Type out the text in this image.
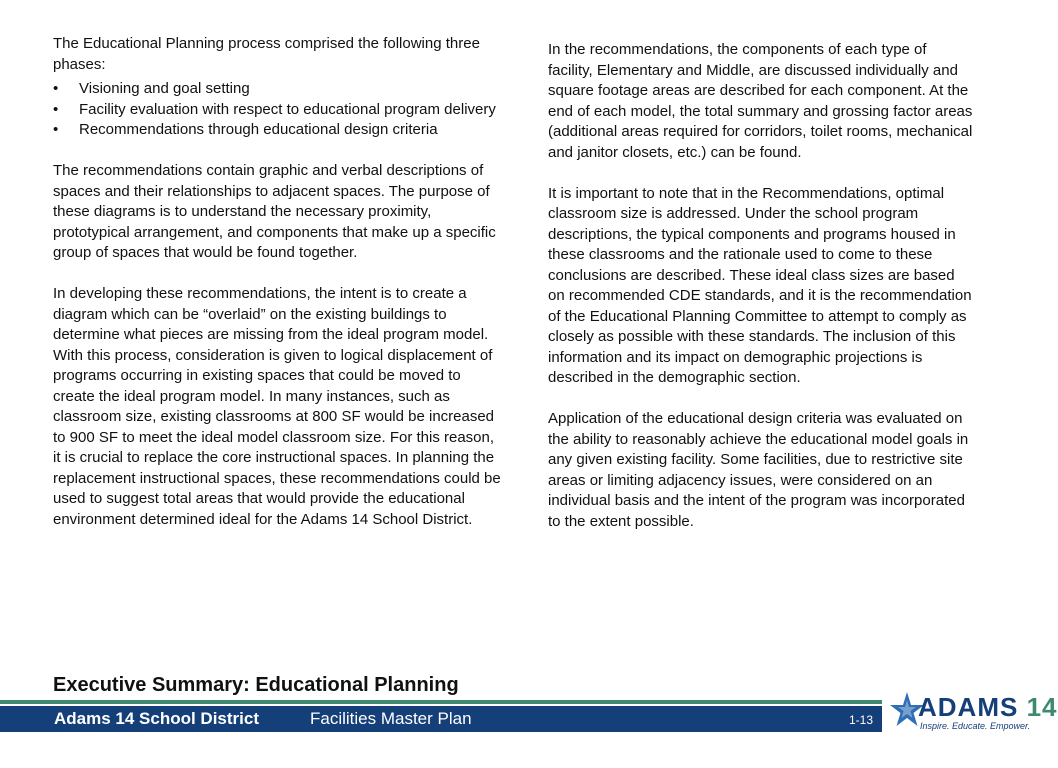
The Educational Planning process comprised the following three phases:

•	Visioning and goal setting
•	Facility evaluation with respect to educational program delivery
•	Recommendations through educational design criteria

The recommendations contain graphic and verbal descriptions of spaces and their relationships to adjacent spaces. The purpose of these diagrams is to understand the necessary proximity, prototypical arrangement, and components that make up a specific group of spaces that would be found together.

In developing these recommendations, the intent is to create a diagram which can be “overlaid” on the existing buildings to determine what pieces are missing from the ideal program model. With this process, consideration is given to logical displacement of programs occurring in existing spaces that could be moved to create the ideal program model. In many instances, such as classroom size, existing classrooms at 800 SF would be increased to 900 SF to meet the ideal model classroom size. For this reason, it is crucial to replace the core instructional spaces. In planning the replacement instructional spaces, these recommendations could be used to suggest total areas that would provide the educational environment determined ideal for the Adams 14 School District.

In the recommendations, the components of each type of facility, Elementary and Middle, are discussed individually and square footage areas are described for each component. At the end of each model, the total summary and grossing factor areas (additional areas required for corridors, toilet rooms, mechanical and janitor closets, etc.) can be found.

It is important to note that in the Recommendations, optimal classroom size is addressed. Under the school program descriptions, the typical components and programs housed in these classrooms and the rationale used to come to these conclusions are described. These ideal class sizes are based on recommended CDE standards, and it is the recommendation of the Educational Planning Committee to attempt to comply as closely as possible with these standards. The inclusion of this information and its impact on demographic projections is described in the demographic section.

Application of the educational design criteria was evaluated on the ability to reasonably achieve the educational model goals in any given existing facility. Some facilities, due to restrictive site areas or limiting adjacency issues, were considered on an individual basis and the intent of the program was incorporated to the extent possible.

Executive Summary: Educational Planning
Adams 14 School District	Facilities Master Plan	1-13 ADAMS 14
Inspire. Educate. Empower.
